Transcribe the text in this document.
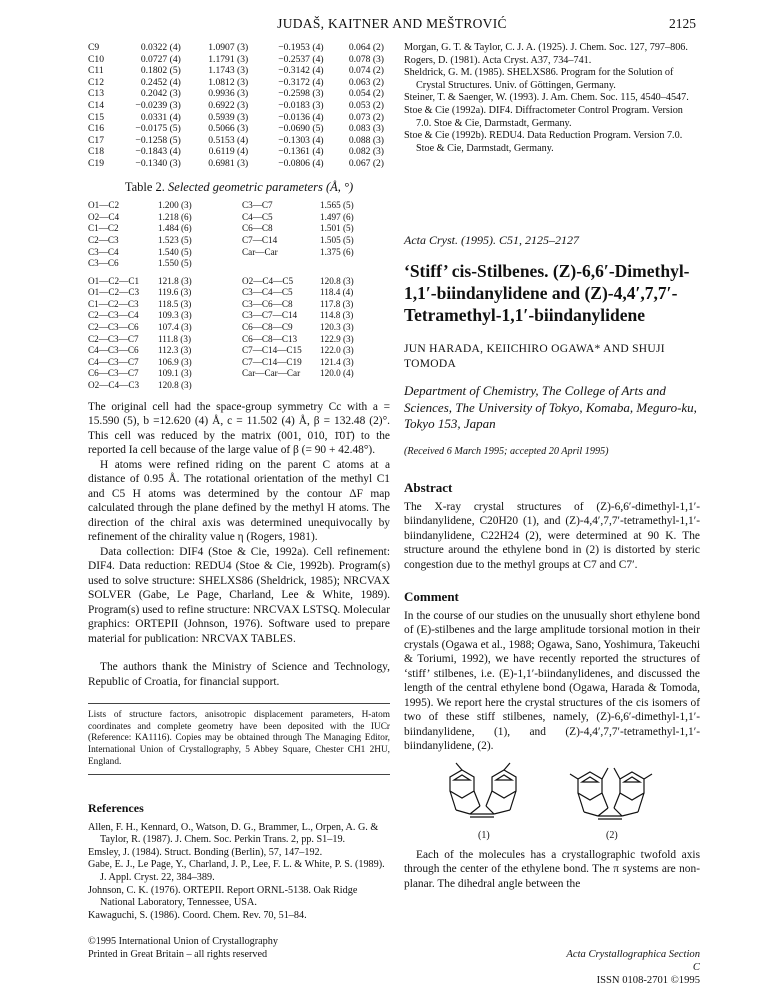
JUDAŠ, KAITNER AND MEŠTROVIĆ	2125
C9	0.0322 (4)	1.0907 (3)	−0.1953 (4)	0.064 (2)
C10	0.0727 (4)	1.1791 (3)	−0.2537 (4)	0.078 (3)
C11	0.1802 (5)	1.1743 (3)	−0.3142 (4)	0.074 (2)
C12	0.2452 (4)	1.0812 (3)	−0.3172 (4)	0.063 (2)
C13	0.2042 (3)	0.9936 (3)	−0.2598 (3)	0.054 (2)
C14	−0.0239 (3)	0.6922 (3)	−0.0183 (3)	0.053 (2)
C15	0.0331 (4)	0.5939 (3)	−0.0136 (4)	0.073 (2)
C16	−0.0175 (5)	0.5066 (3)	−0.0690 (5)	0.083 (3)
C17	−0.1258 (5)	0.5153 (4)	−0.1303 (4)	0.088 (3)
C18	−0.1843 (4)	0.6119 (4)	−0.1361 (4)	0.082 (3)
C19	−0.1340 (3)	0.6981 (3)	−0.0806 (4)	0.067 (2)
Table 2. Selected geometric parameters (Å, °)
O1—C2	1.200 (3)	C3—C7	1.565 (5)
O2—C4	1.218 (6)	C4—C5	1.497 (6)
C1—C2	1.484 (6)	C6—C8	1.501 (5)
C2—C3	1.523 (5)	C7—C14	1.505 (5)
C3—C4	1.540 (5)	Car—Car	1.375 (6)
C3—C6	1.550 (5)		
O1—C2—C1	121.8 (3)	O2—C4—C5	120.8 (3)
O1—C2—C3	119.6 (3)	C3—C4—C5	118.4 (4)
C1—C2—C3	118.5 (3)	C3—C6—C8	117.8 (3)
C2—C3—C4	109.3 (3)	C3—C7—C14	114.8 (3)
C2—C3—C6	107.4 (3)	C6—C8—C9	120.3 (3)
C2—C3—C7	111.8 (3)	C6—C8—C13	122.9 (3)
C4—C3—C6	112.3 (3)	C7—C14—C15	122.0 (3)
C4—C3—C7	106.9 (3)	C7—C14—C19	121.4 (3)
C6—C3—C7	109.1 (3)	Car—Car—Car	120.0 (4)
O2—C4—C3	120.8 (3)		

The original cell had the space-group symmetry Cc with a = 15.590 (5), b =12.620 (4) Å, c = 11.502 (4) Å, β = 132.48 (2)°. This cell was reduced by the matrix (001, 010, 1̄01̄) to the reported Ia cell because of the large value of β (= 90 + 42.48°).

H atoms were refined riding on the parent C atoms at a distance of 0.95 Å. The rotational orientation of the methyl C1 and C5 H atoms was determined by the contour ΔF map calculated through the plane defined by the methyl H atoms. The direction of the chiral axis was determined unequivocally by refinement of the chirality value η (Rogers, 1981).

Data collection: DIF4 (Stoe & Cie, 1992a). Cell refinement: DIF4. Data reduction: REDU4 (Stoe & Cie, 1992b). Program(s) used to solve structure: SHELXS86 (Sheldrick, 1985); NRCVAX SOLVER (Gabe, Le Page, Charland, Lee & White, 1989). Program(s) used to refine structure: NRCVAX LSTSQ. Molecular graphics: ORTEPII (Johnson, 1976). Software used to prepare material for publication: NRCVAX TABLES.

The authors thank the Ministry of Science and Technology, Republic of Croatia, for financial support.

Lists of structure factors, anisotropic displacement parameters, H-atom coordinates and complete geometry have been deposited with the IUCr (Reference: KA1116). Copies may be obtained through The Managing Editor, International Union of Crystallography, 5 Abbey Square, Chester CH1 2HU, England.

References

Allen, F. H., Kennard, O., Watson, D. G., Brammer, L., Orpen, A. G. & Taylor, R. (1987). J. Chem. Soc. Perkin Trans. 2, pp. S1–19.

Emsley, J. (1984). Struct. Bonding (Berlin), 57, 147–192.

Gabe, E. J., Le Page, Y., Charland, J. P., Lee, F. L. & White, P. S. (1989). J. Appl. Cryst. 22, 384–389.

Johnson, C. K. (1976). ORTEPII. Report ORNL-5138. Oak Ridge National Laboratory, Tennessee, USA.

Kawaguchi, S. (1986). Coord. Chem. Rev. 70, 51–84.

©1995 International Union of Crystallography
Printed in Great Britain – all rights reserved

Morgan, G. T. & Taylor, C. J. A. (1925). J. Chem. Soc. 127, 797–806.

Rogers, D. (1981). Acta Cryst. A37, 734–741.

Sheldrick, G. M. (1985). SHELXS86. Program for the Solution of Crystal Structures. Univ. of Göttingen, Germany.

Steiner, T. & Saenger, W. (1993). J. Am. Chem. Soc. 115, 4540–4547.

Stoe & Cie (1992a). DIF4. Diffractometer Control Program. Version 7.0. Stoe & Cie, Darmstadt, Germany.

Stoe & Cie (1992b). REDU4. Data Reduction Program. Version 7.0. Stoe & Cie, Darmstadt, Germany.

Acta Cryst. (1995). C51, 2125–2127

‘Stiff’ cis-Stilbenes. (Z)-6,6′-Dimethyl-1,1′-biindanylidene and (Z)-4,4′,7,7′-Tetramethyl-1,1′-biindanylidene

JUN HARADA, KEIICHIRO OGAWA* AND SHUJI TOMODA

Department of Chemistry, The College of Arts and Sciences, The University of Tokyo, Komaba, Meguro-ku, Tokyo 153, Japan

(Received 6 March 1995; accepted 20 April 1995)

Abstract

The X-ray crystal structures of (Z)-6,6′-dimethyl-1,1′-biindanylidene, C20H20 (1), and (Z)-4,4′,7,7′-tetramethyl-1,1′-biindanylidene, C22H24 (2), were determined at 90 K. The structure around the ethylene bond in (2) is distorted by steric congestion due to the methyl groups at C7 and C7′.

Comment

In the course of our studies on the unusually short ethylene bond of (E)-stilbenes and the large amplitude torsional motion in their crystals (Ogawa et al., 1988; Ogawa, Sano, Yoshimura, Takeuchi & Toriumi, 1992), we have recently reported the structures of ‘stiff’ stilbenes, i.e. (E)-1,1′-biindanylidenes, and discussed the length of the central ethylene bond (Ogawa, Harada & Tomoda, 1995). We report here the crystal structures of the cis isomers of two of these stiff stilbenes, namely, (Z)-6,6′-dimethyl-1,1′-biindanylidene, (1), and (Z)-4,4′,7,7′-tetramethyl-1,1′-biindanylidene, (2).

(1)	(2)

Each of the molecules has a crystallographic twofold axis through the center of the ethylene bond. The π systems are non-planar. The dihedral angle between the

Acta Crystallographica Section C
ISSN 0108-2701 ©1995
